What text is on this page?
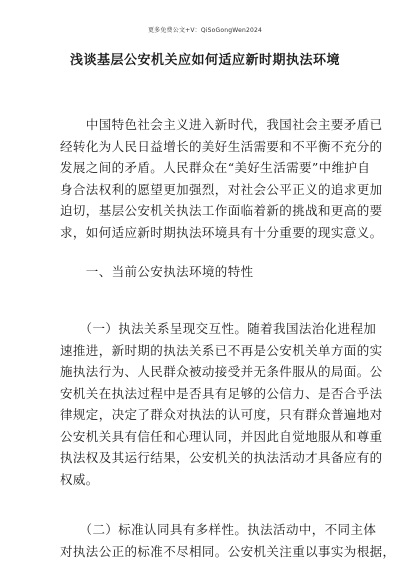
更多免费公文+V：QiSoGongWen2024
浅谈基层公安机关应如何适应新时期执法环境
　　中国特色社会主义进入新时代，我国社会主要矛盾已
经转化为人民日益增长的美好生活需要和不平衡不充分的
发展之间的矛盾。人民群众在“美好生活需要”中维护自
身合法权利的愿望更加强烈，对社会公平正义的追求更加
迫切，基层公安机关执法工作面临着新的挑战和更高的要
求，如何适应新时期执法环境具有十分重要的现实意义。
　　一、当前公安执法环境的特性
　　（一）执法关系呈现交互性。随着我国法治化进程加
速推进，新时期的执法关系已不再是公安机关单方面的实
施执法行为、人民群众被动接受并无条件服从的局面。公
安机关在执法过程中是否具有足够的公信力、是否合乎法
律规定，决定了群众对执法的认可度，只有群众普遍地对
公安机关具有信任和心理认同，并因此自觉地服从和尊重
执法权及其运行结果，公安机关的执法活动才具备应有的
权威。
　　（二）标准认同具有多样性。执法活动中，不同主体
对执法公正的标准不尽相同。公安机关注重以事实为根据，
